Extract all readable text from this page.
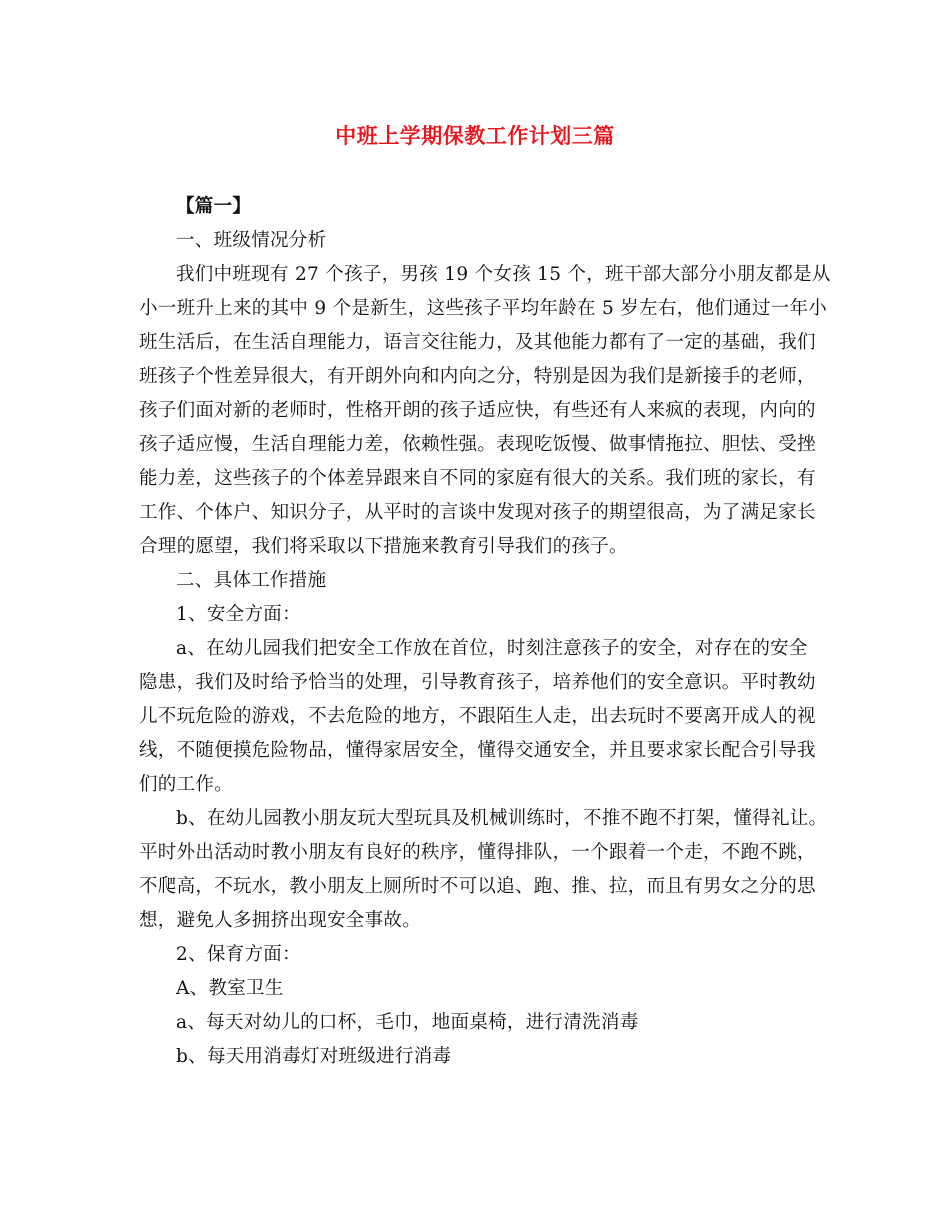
中班上学期保教工作计划三篇
【篇一】
一、班级情况分析
我们中班现有 27 个孩子，男孩 19 个女孩 15 个，班干部大部分小朋友都是从
小一班升上来的其中 9 个是新生，这些孩子平均年龄在 5 岁左右，他们通过一年小
班生活后，在生活自理能力，语言交往能力，及其他能力都有了一定的基础，我们
班孩子个性差异很大，有开朗外向和内向之分，特别是因为我们是新接手的老师，
孩子们面对新的老师时，性格开朗的孩子适应快，有些还有人来疯的表现，内向的
孩子适应慢，生活自理能力差，依赖性强。表现吃饭慢、做事情拖拉、胆怯、受挫
能力差，这些孩子的个体差异跟来自不同的家庭有很大的关系。我们班的家长，有
工作、个体户、知识分子，从平时的言谈中发现对孩子的期望很高，为了满足家长
合理的愿望，我们将采取以下措施来教育引导我们的孩子。
二、具体工作措施
1、安全方面：
a、在幼儿园我们把安全工作放在首位，时刻注意孩子的安全，对存在的安全
隐患，我们及时给予恰当的处理，引导教育孩子，培养他们的安全意识。平时教幼
儿不玩危险的游戏，不去危险的地方，不跟陌生人走，出去玩时不要离开成人的视
线，不随便摸危险物品，懂得家居安全，懂得交通安全，并且要求家长配合引导我
们的工作。
b、在幼儿园教小朋友玩大型玩具及机械训练时，不推不跑不打架，懂得礼让。
平时外出活动时教小朋友有良好的秩序，懂得排队，一个跟着一个走，不跑不跳，
不爬高，不玩水，教小朋友上厕所时不可以追、跑、推、拉，而且有男女之分的思
想，避免人多拥挤出现安全事故。
2、保育方面：
A、教室卫生
a、每天对幼儿的口杯，毛巾，地面桌椅，进行清洗消毒
b、每天用消毒灯对班级进行消毒
